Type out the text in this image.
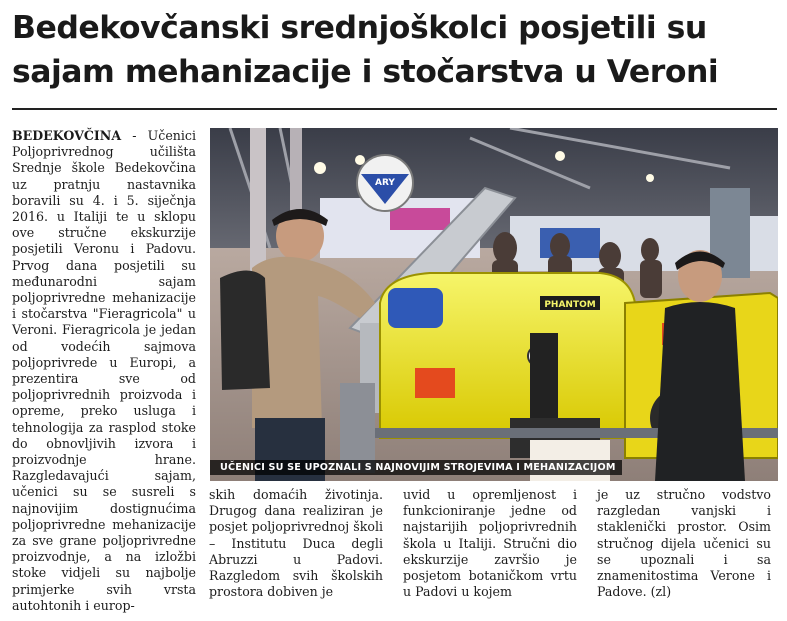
Bedekovčanski srednjoškolci posjetili su sajam mehanizacije i stočarstva u Veroni
BEDEKOVČINA - Učenici Poljoprivrednog učilišta Srednje škole Bedekovčina uz pratnju nastavnika boravili su 4. i 5. siječnja 2016. u Italiji te u sklopu ove stručne ekskurzije posjetili Veronu i Padovu. Prvog dana posjetili su međunarodni sajam poljoprivredne mehanizacije i stočarstva "Fieragricola" u Veroni. Fieragricola je jedan od vodećih sajmova poljoprivrede u Europi, a prezentira sve od poljoprivrednih proizvoda i opreme, preko usluga i tehnologija za rasplod stoke do obnovljivih izvora i proizvodnje hrane. Razgledavajući sajam, učenici su se susreli s najnovijim dostignućima poljoprivredne mehanizacije za sve grane poljoprivredne proizvodnje, a na izložbi stoke vidjeli su najbolje primjerke svih vrsta autohtonih i europ-
ARY
PHANTOM
UČENICI SU SE UPOZNALI S NAJNOVIJIM STROJEVIMA I MEHANIZACIJOM
skih domaćih životinja. Drugog dana realiziran je posjet poljoprivrednoj školi – Institutu Duca degli Abruzzi u Padovi. Razgledom svih školskih prostora dobiven je
uvid u opremljenost i funkcioniranje jedne od najstarijih poljoprivrednih škola u Italiji. Stručni dio ekskurzije završio je posjetom botaničkom vrtu u Padovi u kojem
je uz stručno vodstvo razgledan vanjski i staklenički prostor. Osim stručnog dijela učenici su se upoznali i sa znamenitostima Verone i Padove. (zl)
